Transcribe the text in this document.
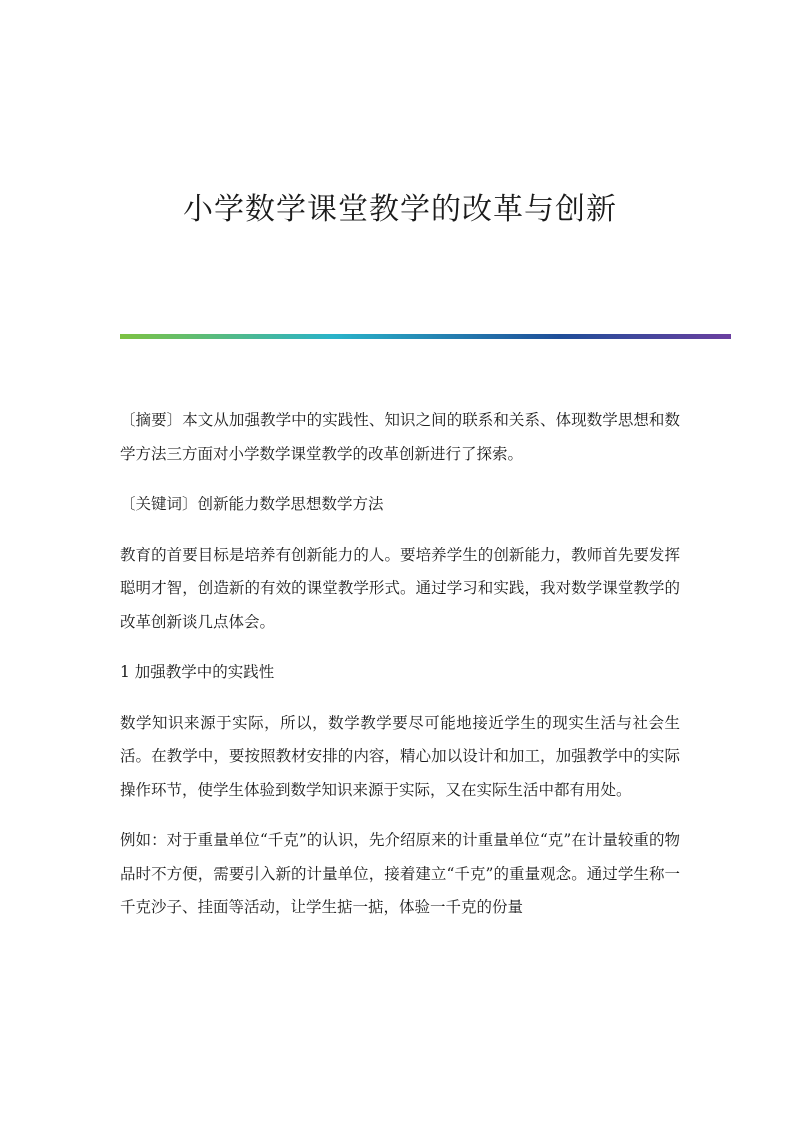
小学数学课堂教学的改革与创新

〔摘要〕本文从加强教学中的实践性、知识之间的联系和关系、体现数学思想和数学方法三方面对小学数学课堂教学的改革创新进行了探索。

〔关键词〕创新能力数学思想数学方法

教育的首要目标是培养有创新能力的人。要培养学生的创新能力，教师首先要发挥聪明才智，创造新的有效的课堂教学形式。通过学习和实践，我对数学课堂教学的改革创新谈几点体会。

1 加强教学中的实践性

数学知识来源于实际，所以，数学教学要尽可能地接近学生的现实生活与社会生活。在教学中，要按照教材安排的内容，精心加以设计和加工，加强教学中的实际操作环节，使学生体验到数学知识来源于实际，又在实际生活中都有用处。

例如：对于重量单位“千克”的认识，先介绍原来的计重量单位“克”在计量较重的物品时不方便，需要引入新的计量单位，接着建立“千克”的重量观念。通过学生称一千克沙子、挂面等活动，让学生掂一掂，体验一千克的份量
